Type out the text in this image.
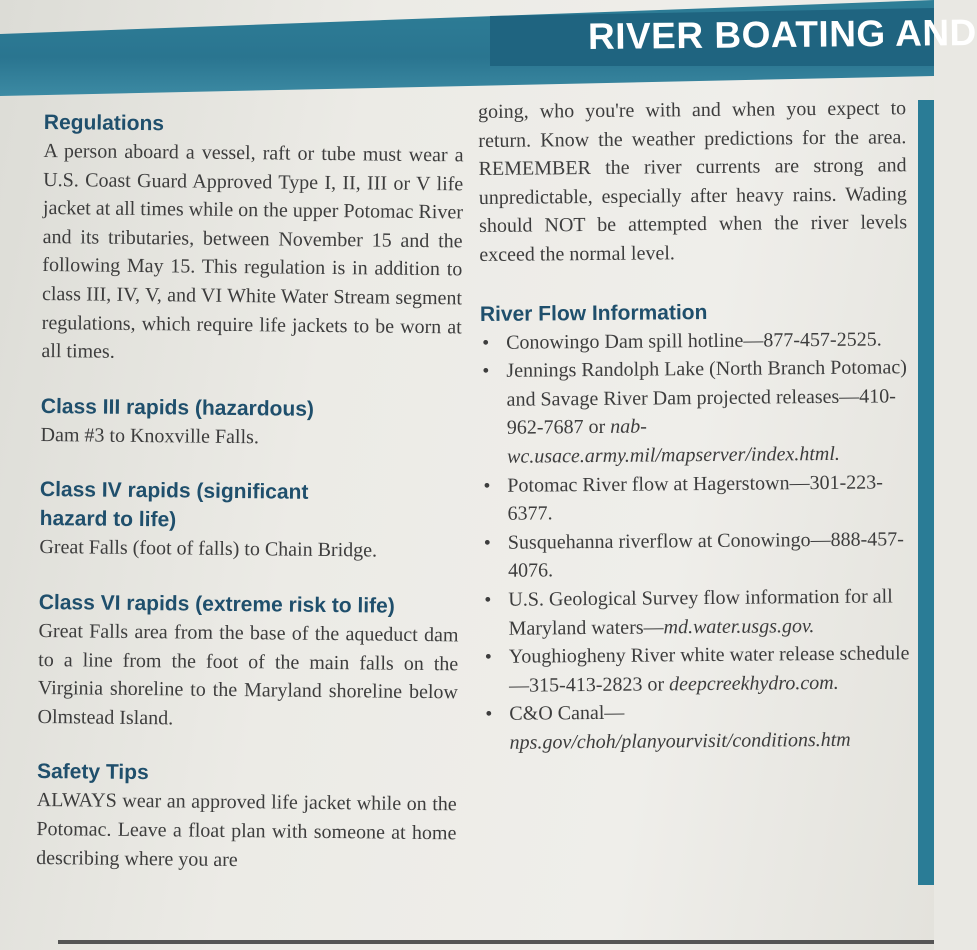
RIVER BOATING AND
Regulations

A person aboard a vessel, raft or tube must wear a U.S. Coast Guard Approved Type I, II, III or V life jacket at all times while on the upper Potomac River and its tributaries, between November 15 and the following May 15. This regulation is in addition to class III, IV, V, and VI White Water Stream segment regulations, which require life jackets to be worn at all times.

Class III rapids (hazardous)

Dam #3 to Knoxville Falls.

Class IV rapids (significant hazard to life)

Great Falls (foot of falls) to Chain Bridge.

Class VI rapids (extreme risk to life)

Great Falls area from the base of the aqueduct dam to a line from the foot of the main falls on the Virginia shoreline to the Maryland shoreline below Olmstead Island.

Safety Tips

ALWAYS wear an approved life jacket while on the Potomac. Leave a float plan with someone at home describing where you are

going, who you're with and when you expect to return. Know the weather predictions for the area. REMEMBER the river currents are strong and unpredictable, especially after heavy rains. Wading should NOT be attempted when the river levels exceed the normal level.

River Flow Information
• Conowingo Dam spill hotline—877-457-2525.
• Jennings Randolph Lake (North Branch Potomac) and Savage River Dam projected releases—410-962-7687 or nab-wc.usace.army.mil/mapserver/index.html.
• Potomac River flow at Hagerstown—301-223-6377.
• Susquehanna riverflow at Conowingo—888-457-4076.
• U.S. Geological Survey flow information for all Maryland waters—md.water.usgs.gov.
• Youghiogheny River white water release schedule—315-413-2823 or deepcreekhydro.com.
• C&O Canal—
nps.gov/choh/planyourvisit/conditions.htm
